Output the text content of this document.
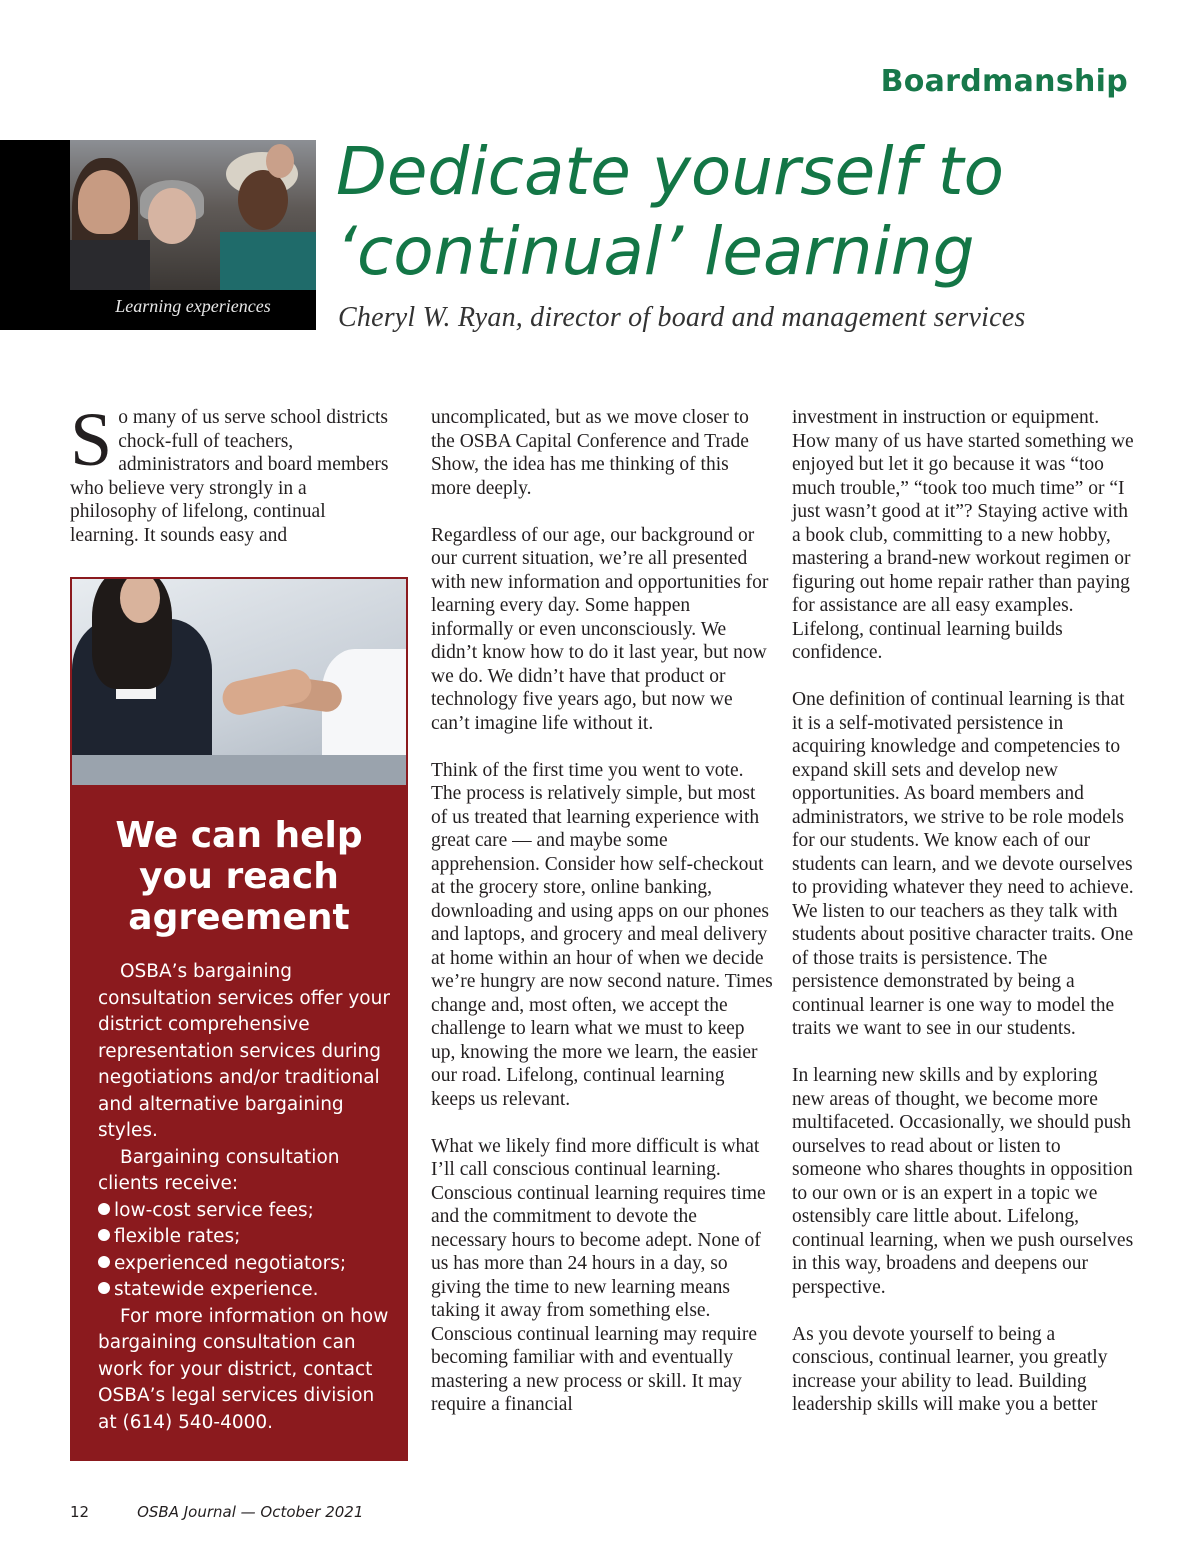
Boardmanship
Learning experiences
Dedicate yourself to
‘continual’ learning
Cheryl W. Ryan, director of board and management services

So many of us serve school districts chock-full of teachers, administrators and board members who believe very strongly in a philosophy of lifelong, continual learning. It sounds easy and

We can help
you reach
agreement

OSBA’s bargaining consultation services offer your district comprehensive representation services during negotiations and/or traditional and alternative bargaining styles.

Bargaining consultation clients receive:

low-cost service fees;
flexible rates;
experienced negotiators;
statewide experience.

For more information on how bargaining consultation can work for your district, contact OSBA’s legal services division at (614) 540-4000.

uncomplicated, but as we move closer to the OSBA Capital Conference and Trade Show, the idea has me thinking of this more deeply.

Regardless of our age, our background or our current situation, we’re all presented with new information and opportunities for learning every day. Some happen informally or even unconsciously. We didn’t know how to do it last year, but now we do. We didn’t have that product or technology five years ago, but now we can’t imagine life without it.

Think of the first time you went to vote. The process is relatively simple, but most of us treated that learning experience with great care — and maybe some apprehension. Consider how self-checkout at the grocery store, online banking, downloading and using apps on our phones and laptops, and grocery and meal delivery at home within an hour of when we decide we’re hungry are now second nature. Times change and, most often, we accept the challenge to learn what we must to keep up, knowing the more we learn, the easier our road. Lifelong, continual learning keeps us relevant.

What we likely find more difficult is what I’ll call conscious continual learning. Conscious continual learning requires time and the commitment to devote the necessary hours to become adept. None of us has more than 24 hours in a day, so giving the time to new learning means taking it away from something else. Conscious continual learning may require becoming familiar with and eventually mastering a new process or skill. It may require a financial

investment in instruction or equipment. How many of us have started something we enjoyed but let it go because it was “too much trouble,” “took too much time” or “I just wasn’t good at it”? Staying active with a book club, committing to a new hobby, mastering a brand-new workout regimen or figuring out home repair rather than paying for assistance are all easy examples. Lifelong, continual learning builds confidence.

One definition of continual learning is that it is a self-motivated persistence in acquiring knowledge and competencies to expand skill sets and develop new opportunities. As board members and administrators, we strive to be role models for our students. We know each of our students can learn, and we devote ourselves to providing whatever they need to achieve. We listen to our teachers as they talk with students about positive character traits. One of those traits is persistence. The persistence demonstrated by being a continual learner is one way to model the traits we want to see in our students.

In learning new skills and by exploring new areas of thought, we become more multifaceted. Occasionally, we should push ourselves to read about or listen to someone who shares thoughts in opposition to our own or is an expert in a topic we ostensibly care little about. Lifelong, continual learning, when we push ourselves in this way, broadens and deepens our perspective.

As you devote yourself to being a conscious, continual learner, you greatly increase your ability to lead. Building leadership skills will make you a better

12	OSBA Journal — October 2021
